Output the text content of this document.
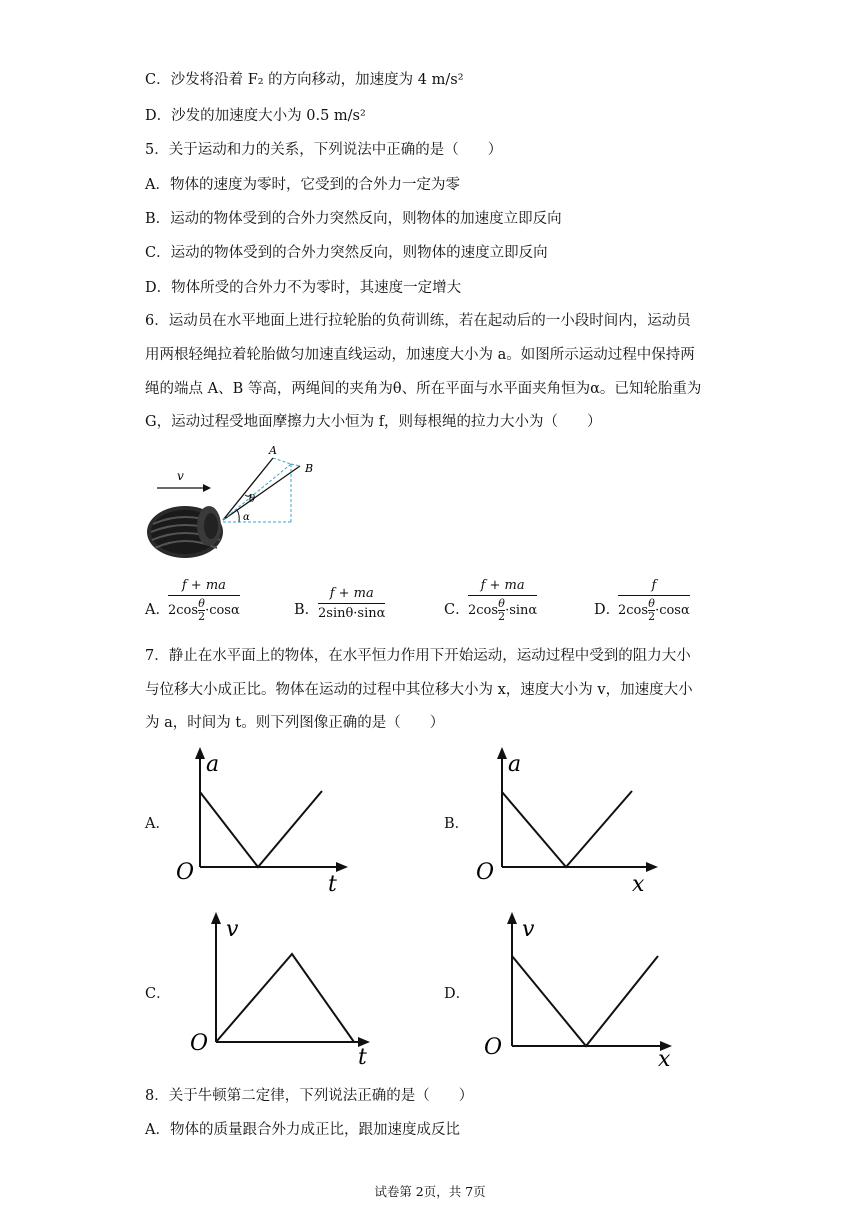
C．沙发将沿着 F₂ 的方向移动，加速度为 4 m/s²
D．沙发的加速度大小为 0.5 m/s²
5．关于运动和力的关系，下列说法中正确的是（　　）
A．物体的速度为零时，它受到的合外力一定为零
B．运动的物体受到的合外力突然反向，则物体的加速度立即反向
C．运动的物体受到的合外力突然反向，则物体的速度立即反向
D．物体所受的合外力不为零时，其速度一定增大
6．运动员在水平地面上进行拉轮胎的负荷训练，若在起动后的一小段时间内，运动员
用两根轻绳拉着轮胎做匀加速直线运动，加速度大小为 a。如图所示运动过程中保持两
绳的端点 A、B 等高，两绳间的夹角为θ、所在平面与水平面夹角恒为α。已知轮胎重为
G，运动过程受地面摩擦力大小恒为 f，则每根绳的拉力大小为（　　）
v
A
B
θ
α
A．
f + ma
$2\cos \frac{\theta}{2} \cdot\cos\alpha$	B．
f + ma
2sinθ·sinα	C．
f + ma
$2\cos \frac{\theta}{2} \cdot\sin\alpha$	D．
f
$2\cos \frac{\theta}{2} \cdot\cos\alpha$
7．静止在水平面上的物体，在水平恒力作用下开始运动，运动过程中受到的阻力大小
与位移大小成正比。物体在运动的过程中其位移大小为 x，速度大小为 v，加速度大小
为 a，时间为 t。则下列图像正确的是（　　）
A．
a
O	t
B．
a
O	x
C．
v
O
t
D．
v
O	x
8．关于牛顿第二定律，下列说法正确的是（　　）
A．物体的质量跟合外力成正比，跟加速度成反比
试卷第 2页，共 7页
